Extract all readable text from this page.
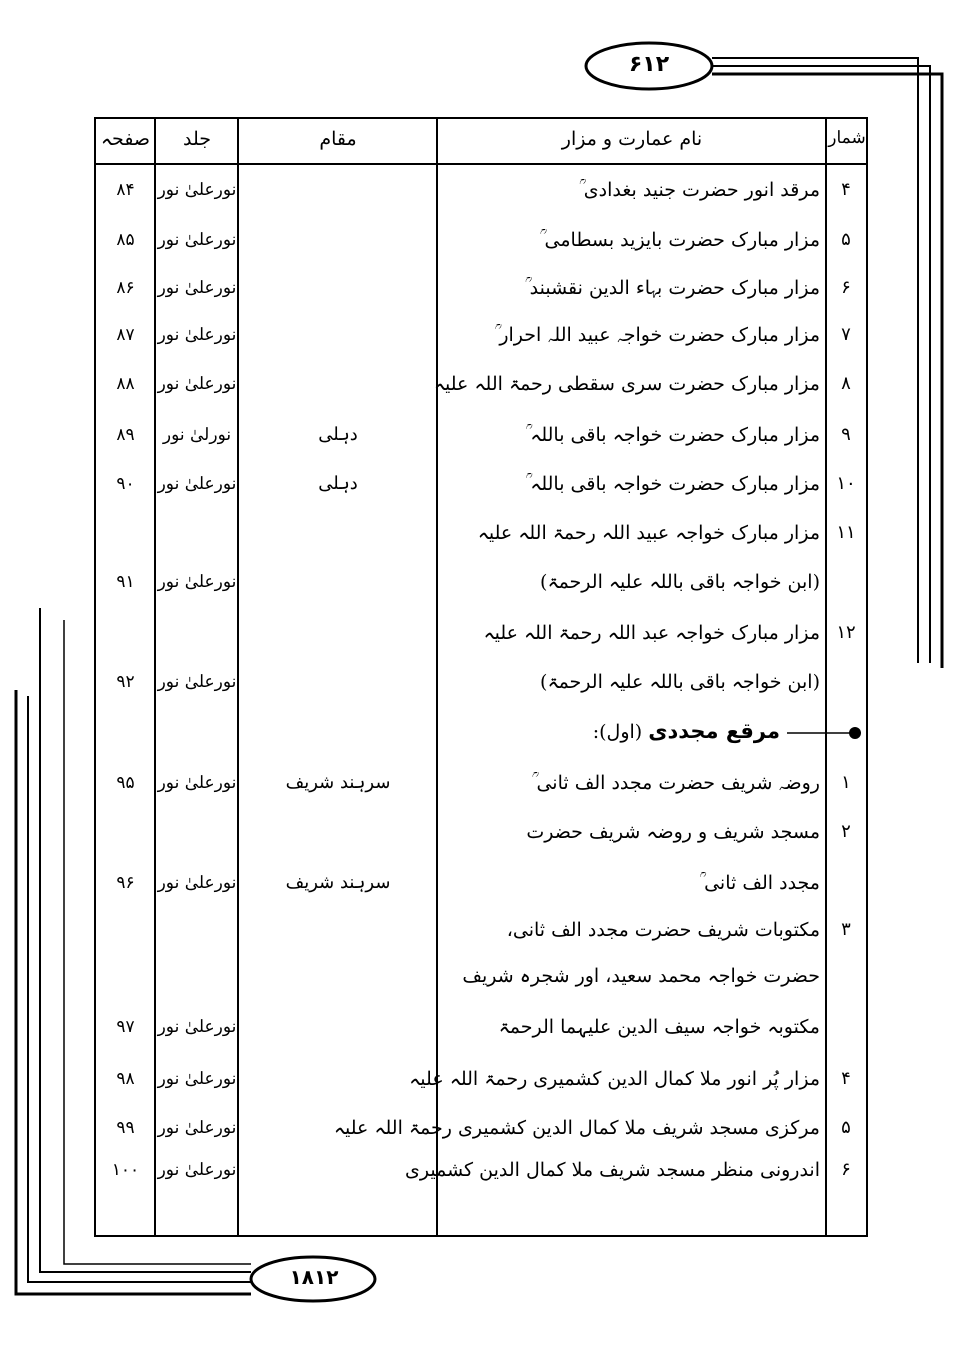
۶۱۲
۱۸۱۲
شمار
نام عمارت و مزار
مقام
جلد
صفحہ
۴
مرقد انور حضرت جنید بغدادی ؒ
نورعلیٰ نور
۸۴
۵
مزار مبارک حضرت بایزید بسطامی ؒ
نورعلیٰ نور
۸۵
۶
مزار مبارک حضرت بہاء الدین نقشبند ؒ
نورعلیٰ نور
۸۶
۷
مزار مبارک حضرت خواجہ عبید اللہ احرار ؒ
نورعلیٰ نور
۸۷
۸
مزار مبارک حضرت سری سقطی رحمۃ اللہ علیہ
نورعلیٰ نور
۸۸
۹
مزار مبارک حضرت خواجہ باقی باللہ ؒ
دہلی
نورلیٰ نور
۸۹
۱۰
مزار مبارک حضرت خواجہ باقی باللہ ؒ
دہلی
نورعلیٰ نور
۹۰
۱۱
مزار مبارک خواجہ عبید اللہ رحمۃ اللہ علیہ
(ابن خواجہ باقی باللہ علیہ الرحمۃ)
نورعلیٰ نور
۹۱
۱۲
مزار مبارک خواجہ عبد اللہ رحمۃ اللہ علیہ
(ابن خواجہ باقی باللہ علیہ الرحمۃ)
نورعلیٰ نور
۹۲
مرقع مجددی (اول):
۱
روضہ شریف حضرت مجدد الف ثانی ؒ
سرہند شریف
نورعلیٰ نور
۹۵
۲
مسجد شریف و روضہ شریف حضرت
مجدد الف ثانی ؒ
سرہند شریف
نورعلیٰ نور
۹۶
۳
مکتوبات شریف حضرت مجدد الف ثانی،
حضرت خواجہ محمد سعید، اور شجرہ شریف
مکتوبہ خواجہ سیف الدین علیہما الرحمۃ
نورعلیٰ نور
۹۷
۴
مزار پُر انور ملا کمال الدین کشمیری رحمۃ اللہ علیہ
نورعلیٰ نور
۹۸
۵
مرکزی مسجد شریف ملا کمال الدین کشمیری رحمۃ اللہ علیہ
نورعلیٰ نور
۹۹
۶
اندرونی منظر مسجد شریف ملا کمال الدین کشمیری
نورعلیٰ نور
۱۰۰
